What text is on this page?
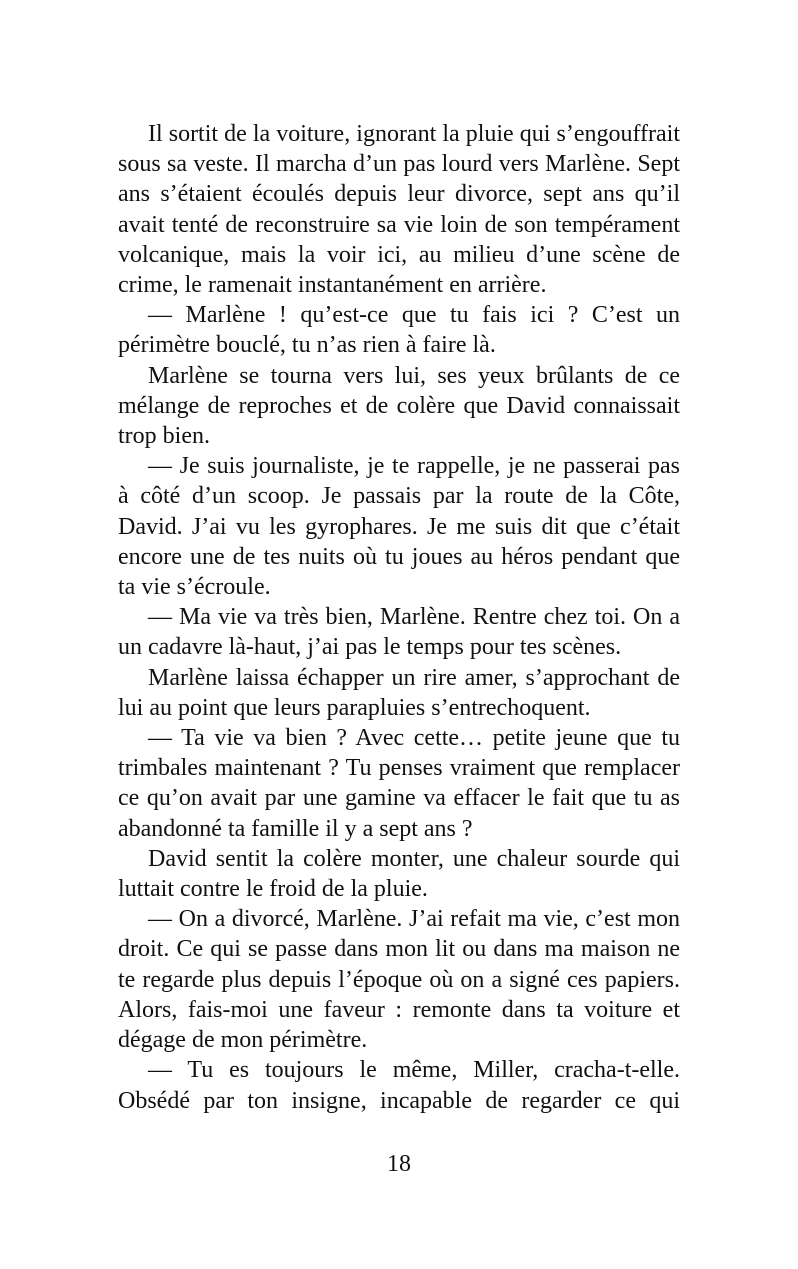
Il sortit de la voiture, ignorant la pluie qui s’engouffrait sous sa veste. Il marcha d’un pas lourd vers Marlène. Sept ans s’étaient écoulés depuis leur divorce, sept ans qu’il avait tenté de reconstruire sa vie loin de son tempérament volcanique, mais la voir ici, au milieu d’une scène de crime, le ramenait instantanément en arrière.

— Marlène ! qu’est-ce que tu fais ici ? C’est un périmètre bouclé, tu n’as rien à faire là.

Marlène se tourna vers lui, ses yeux brûlants de ce mélange de reproches et de colère que David connaissait trop bien.

— Je suis journaliste, je te rappelle, je ne passerai pas à côté d’un scoop. Je passais par la route de la Côte, David. J’ai vu les gyrophares. Je me suis dit que c’était encore une de tes nuits où tu joues au héros pendant que ta vie s’écroule.

— Ma vie va très bien, Marlène. Rentre chez toi. On a un cadavre là-haut, j’ai pas le temps pour tes scènes.

Marlène laissa échapper un rire amer, s’approchant de lui au point que leurs parapluies s’entrechoquent.

— Ta vie va bien ? Avec cette… petite jeune que tu trimbales maintenant ? Tu penses vraiment que remplacer ce qu’on avait par une gamine va effacer le fait que tu as abandonné ta famille il y a sept ans ?

David sentit la colère monter, une chaleur sourde qui luttait contre le froid de la pluie.

— On a divorcé, Marlène. J’ai refait ma vie, c’est mon droit. Ce qui se passe dans mon lit ou dans ma maison ne te regarde plus depuis l’époque où on a signé ces papiers. Alors, fais-moi une faveur : remonte dans ta voiture et dégage de mon périmètre.

— Tu es toujours le même, Miller, cracha-t-elle. Obsédé par ton insigne, incapable de regarder ce qui

18
